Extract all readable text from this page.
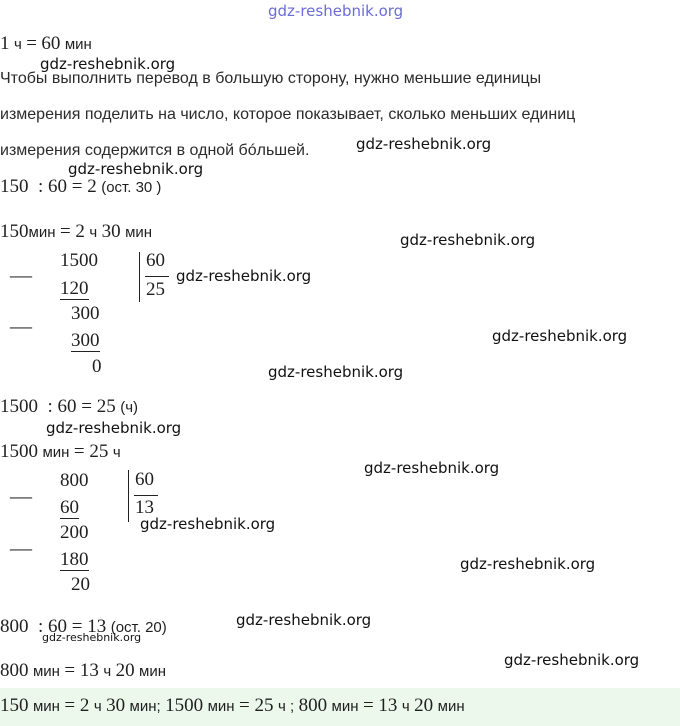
gdz-reshebnik.org
1 ч = 60 мин
gdz-reshebnik.org
Чтобы выполнить перевод в большую сторону, нужно меньшие единицы
измерения поделить на число, которое показывает, сколько меньших единиц
измерения содержится в одной бóльшей.	gdz-reshebnik.org
gdz-reshebnik.org
150  : 60 = 2 (ост. 30 )
150мин = 2 ч 30 мин	gdz-reshebnik.org
—
1500
120
— 300
300
0
60
25
gdz-reshebnik.org
gdz-reshebnik.org
gdz-reshebnik.org
1500  : 60 = 25 (ч)
gdz-reshebnik.org
1500 мин = 25 ч
gdz-reshebnik.org
—
800
60
—
200
180
20
60
13
gdz-reshebnik.org
gdz-reshebnik.org
800  : 60 = 13 (ост. 20)	gdz-reshebnik.org
gdz-reshebnik.org
800 мин = 13 ч 20 мин
gdz-reshebnik.org
150 мин = 2 ч 30 мин; 1500 мин = 25 ч ; 800 мин = 13 ч 20 мин
